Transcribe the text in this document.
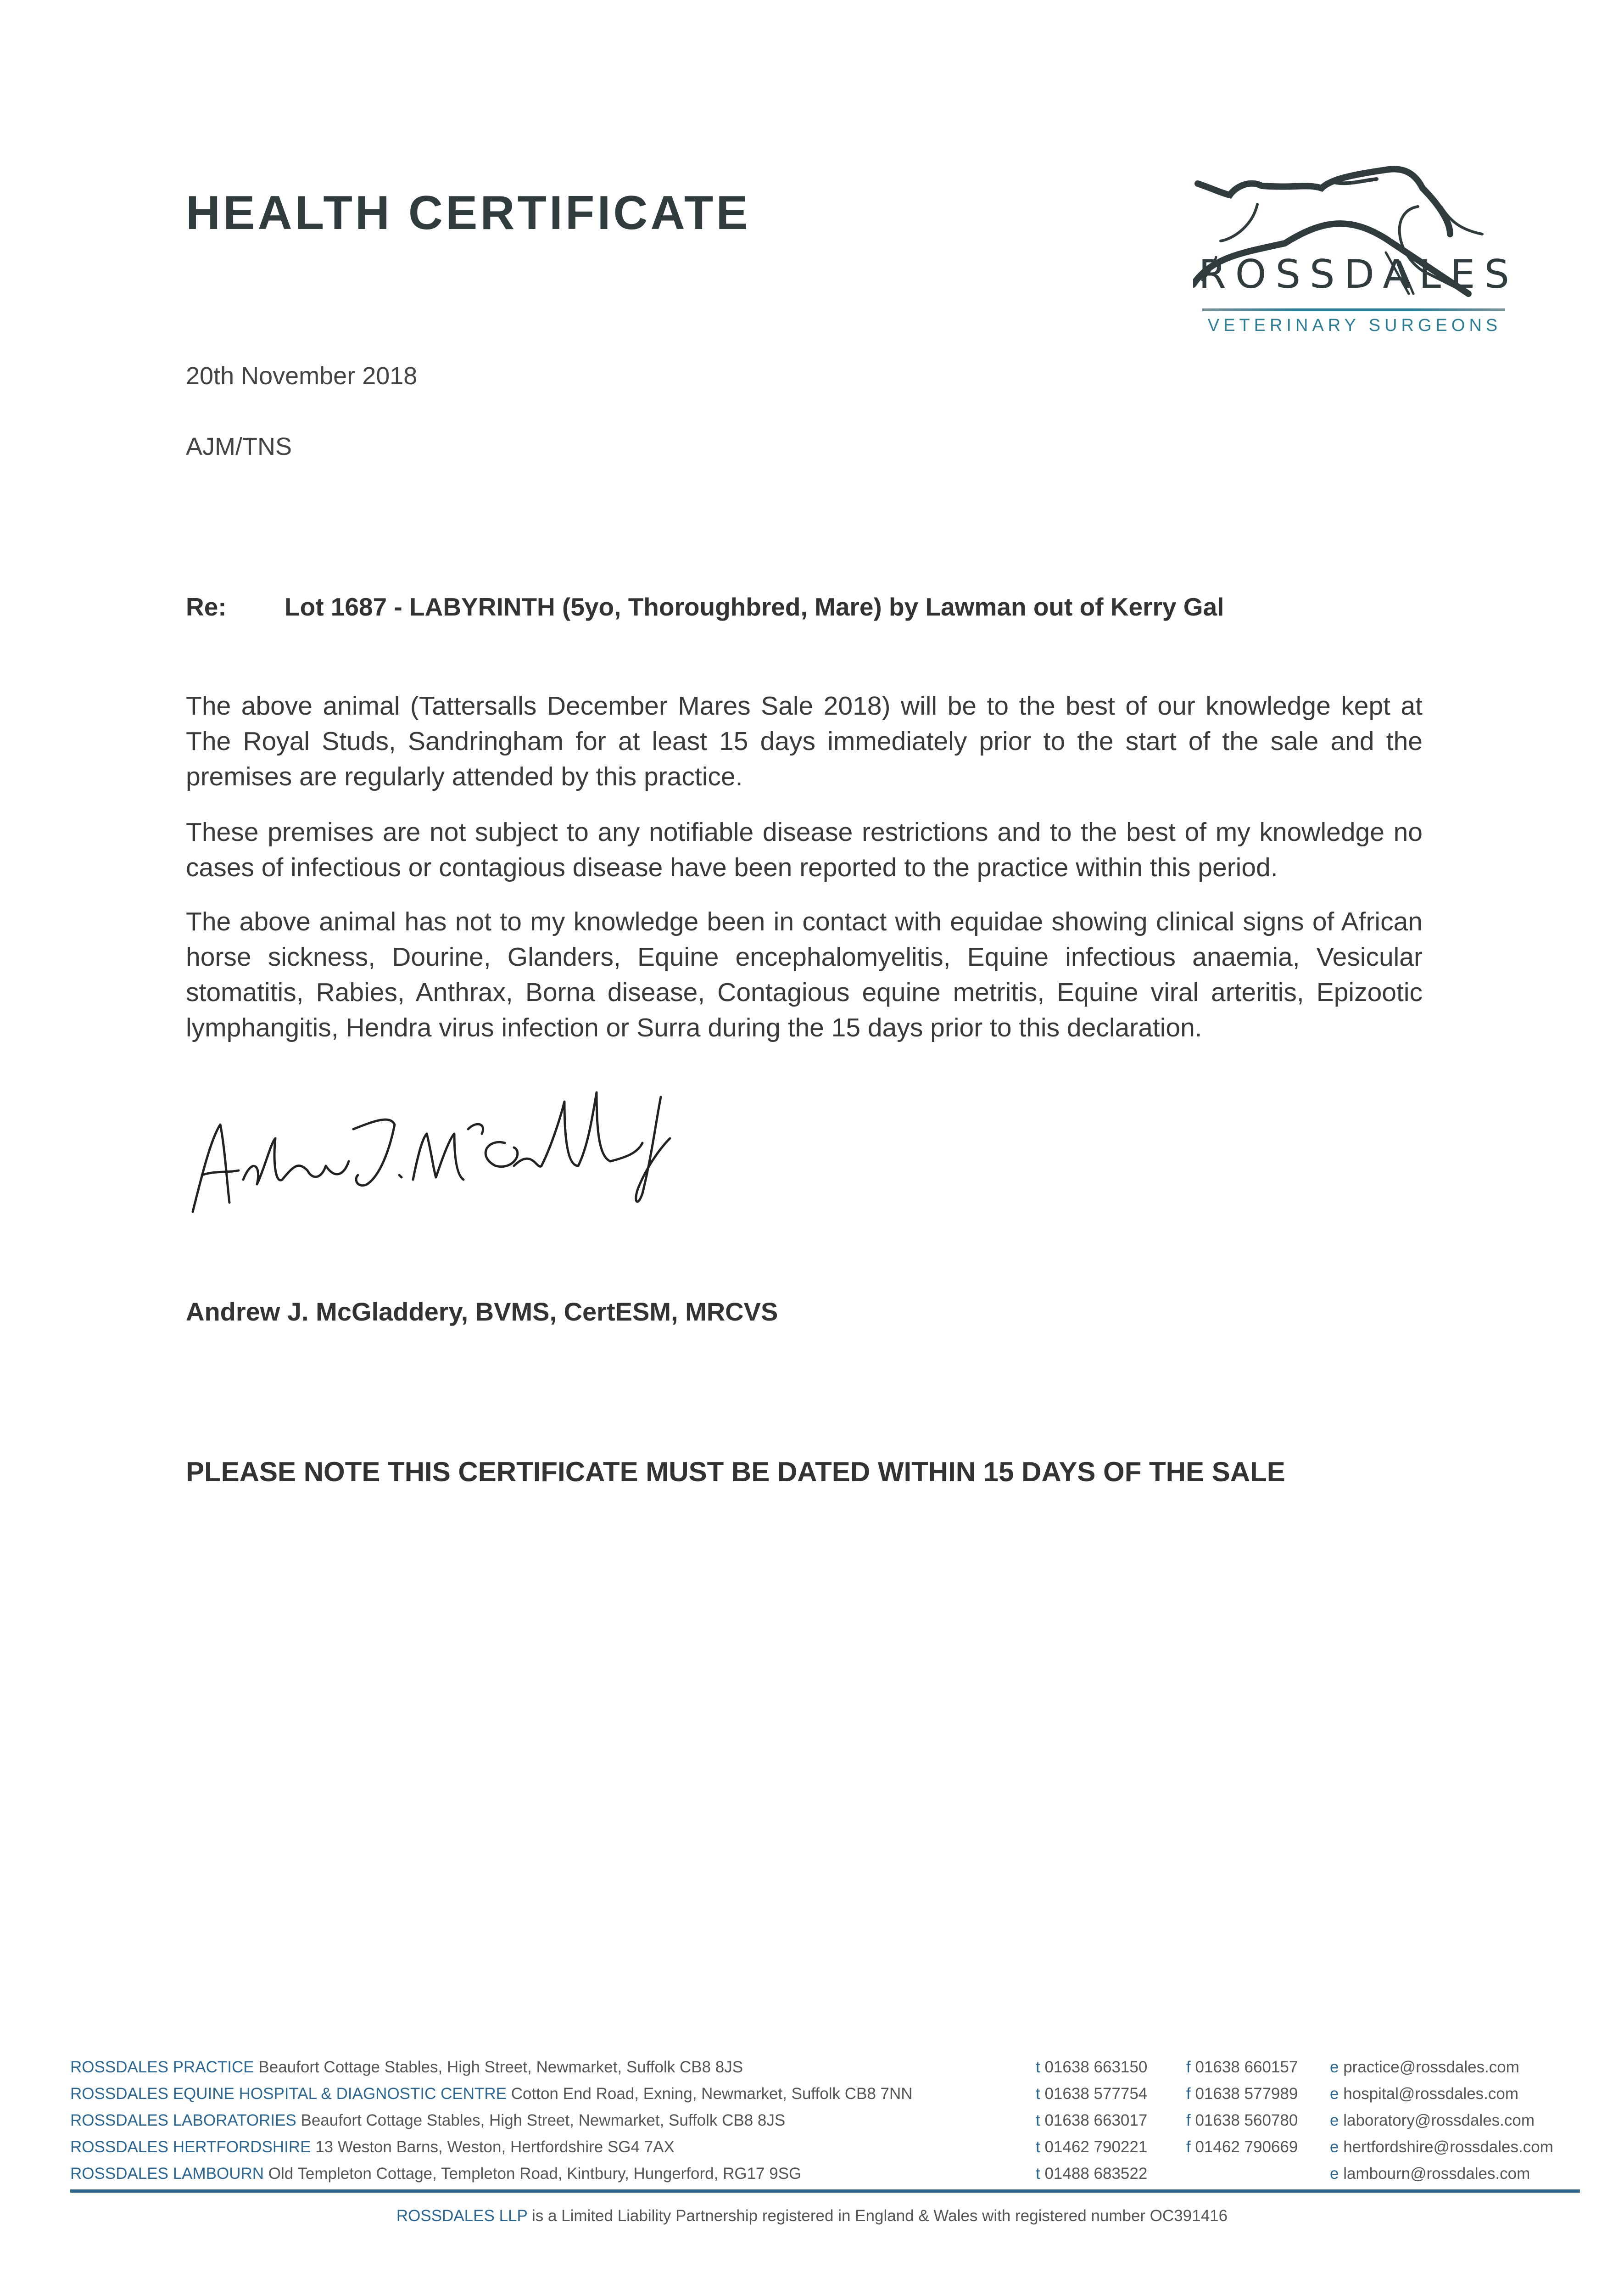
HEALTH CERTIFICATE
ROSSDALES
VETERINARY SURGEONS
20th November 2018
AJM/TNS
Re: Lot 1687 - LABYRINTH (5yo, Thoroughbred, Mare) by Lawman out of Kerry Gal
The above animal (Tattersalls December Mares Sale 2018) will be to the best of our knowledge kept at The Royal Studs, Sandringham for at least 15 days immediately prior to the start of the sale and the premises are regularly attended by this practice.
These premises are not subject to any notifiable disease restrictions and to the best of my knowledge no cases of infectious or contagious disease have been reported to the practice within this period.
The above animal has not to my knowledge been in contact with equidae showing clinical signs of African horse sickness, Dourine, Glanders, Equine encephalomyelitis, Equine infectious anaemia, Vesicular stomatitis, Rabies, Anthrax, Borna disease, Contagious equine metritis, Equine viral arteritis, Epizootic lymphangitis, Hendra virus infection or Surra during the 15 days prior to this declaration.
Andrew J. McGladdery, BVMS, CertESM, MRCVS
PLEASE NOTE THIS CERTIFICATE MUST BE DATED WITHIN 15 DAYS OF THE SALE
ROSSDALES PRACTICE Beaufort Cottage Stables, High Street, Newmarket, Suffolk CB8 8JS	t 01638 663150 f 01638 660157 e practice@rossdales.com
ROSSDALES EQUINE HOSPITAL & DIAGNOSTIC CENTRE Cotton End Road, Exning, Newmarket, Suffolk CB8 7NN	t 01638 577754 f 01638 577989 e hospital@rossdales.com
ROSSDALES LABORATORIES Beaufort Cottage Stables, High Street, Newmarket, Suffolk CB8 8JS	t 01638 663017 f 01638 560780 e laboratory@rossdales.com
ROSSDALES HERTFORDSHIRE 13 Weston Barns, Weston, Hertfordshire SG4 7AX	t 01462 790221 f 01462 790669 e hertfordshire@rossdales.com
ROSSDALES LAMBOURN Old Templeton Cottage, Templeton Road, Kintbury, Hungerford, RG17 9SG	t 01488 683522	e lambourn@rossdales.com
ROSSDALES LLP is a Limited Liability Partnership registered in England & Wales with registered number OC391416
